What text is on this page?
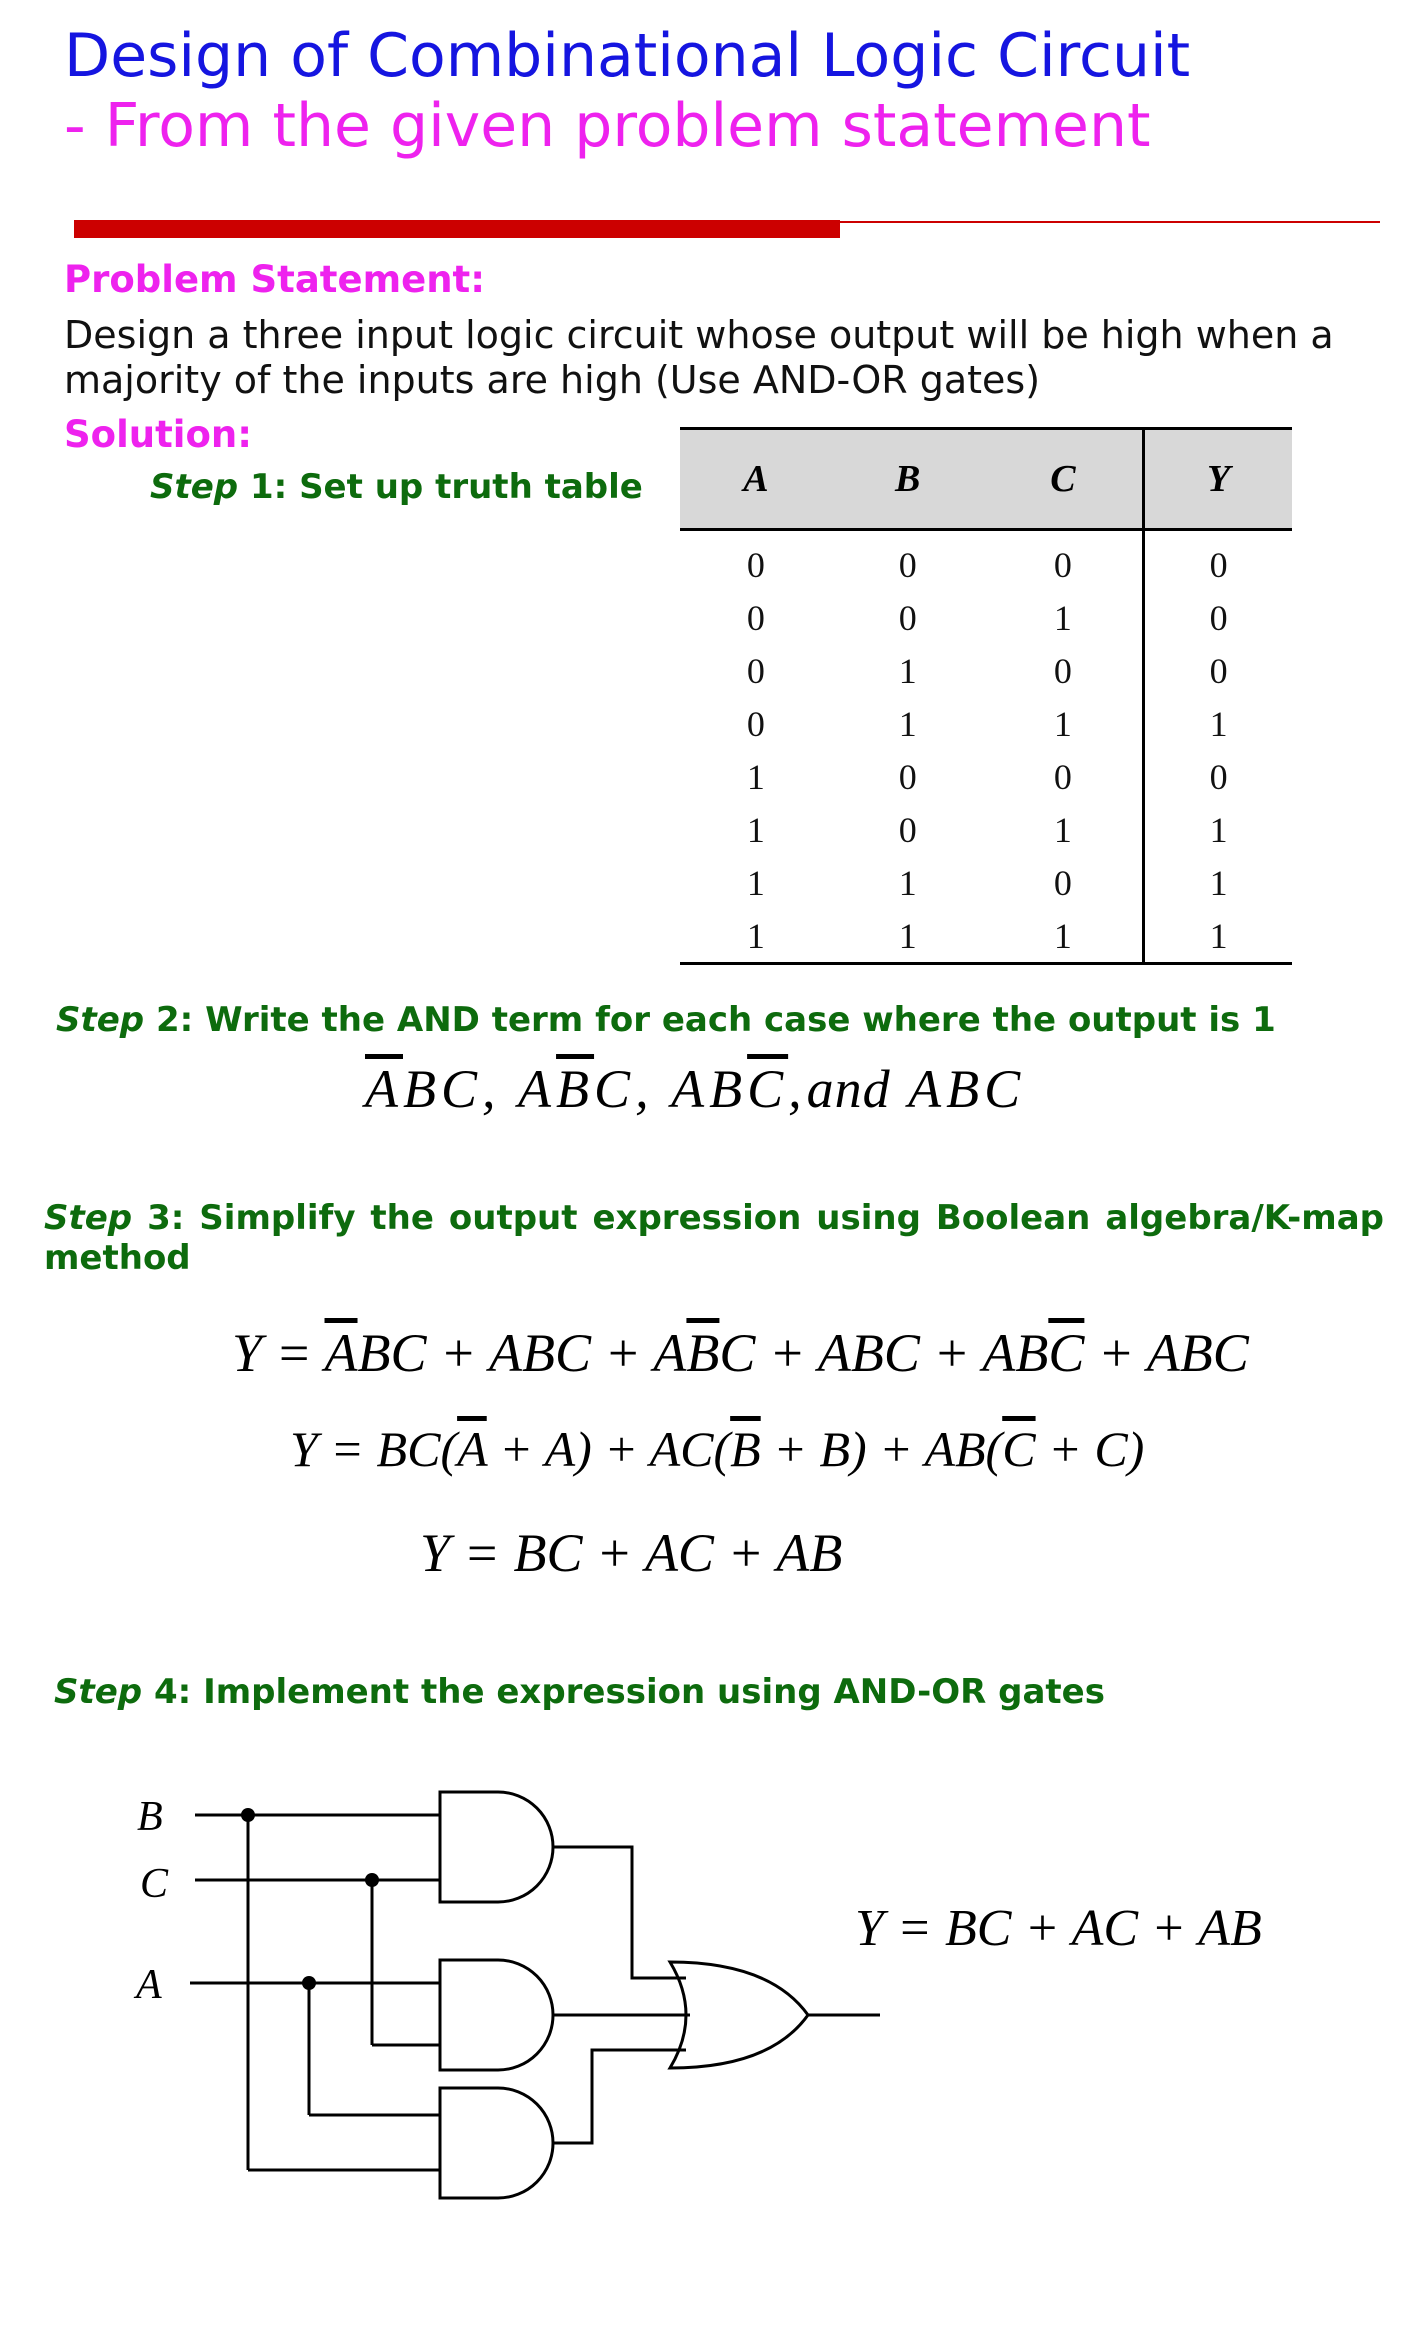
Design of Combinational Logic Circuit
- From the given problem statement
Problem Statement:
Design a three input logic circuit whose output will be high when a majority of the inputs are high (Use AND-OR gates)
Solution:
Step 1: Set up truth table	A	B	C	Y
0	0	0	0
0	0	1	0
0	1	0	0
0	1	1	1
1	0	0	0
1	0	1	1
1	1	0	1
1	1	1	1
Step 2: Write the AND term for each case where the output is 1
$\overline{A}BC$, $A\overline{B}C$, $AB\overline{C},and$ ABC
Step 3: Simplify the output expression using Boolean algebra/K-map method
$Y = \overline{A}BC$ + ABC + $A\overline{B}C$ + ABC + $AB\overline{C}$ + ABC
$Y = BC(\overline{A} + A) + AC(\overline{B} + B) + AB(\overline{C} + C)$
Y = BC + AC + AB
Step 4: Implement the expression using AND-OR gates
B
C
A
Y = BC + AC + AB
